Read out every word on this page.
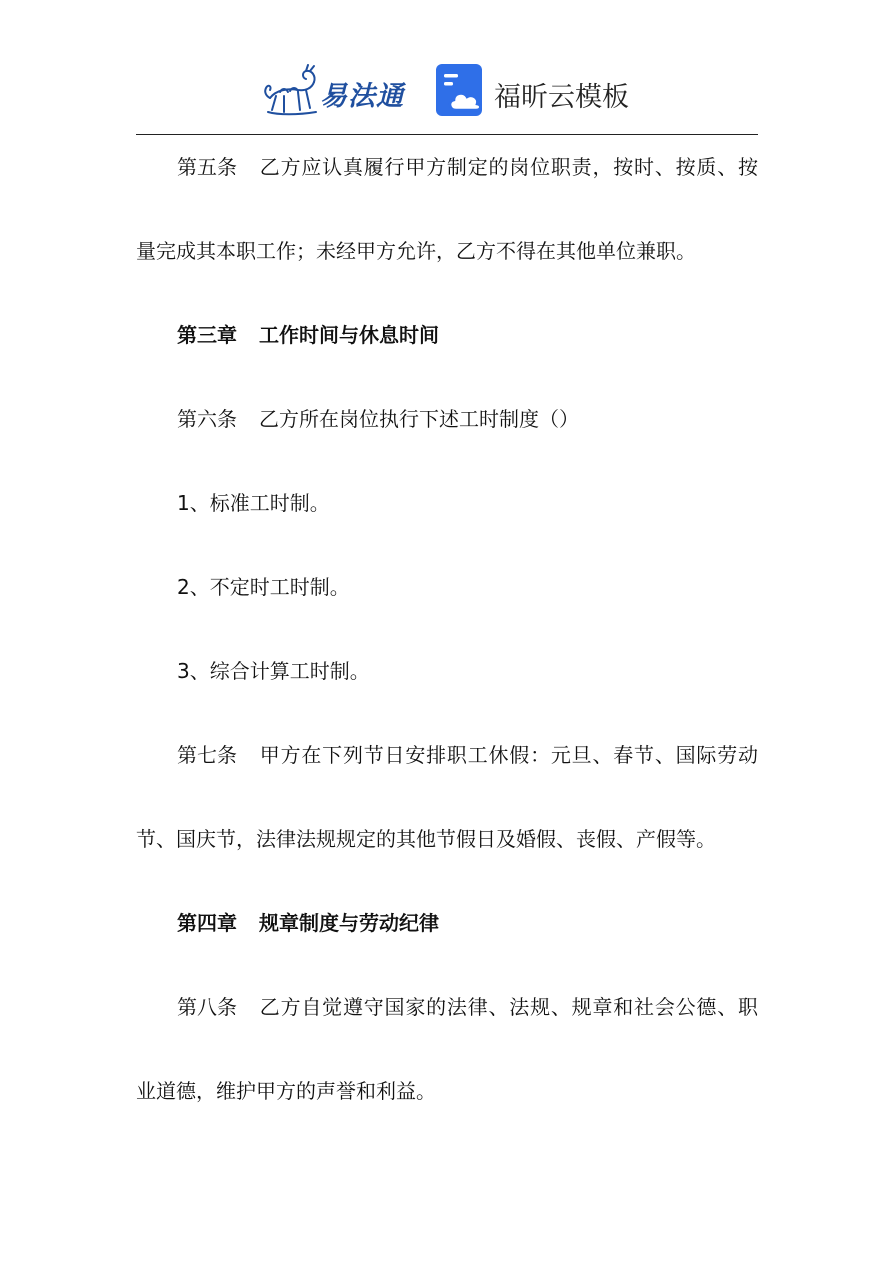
易法通	福昕云模板

第五条 乙方应认真履行甲方制定的岗位职责，按时、按质、按量完成其本职工作；未经甲方允许，乙方不得在其他单位兼职。

第三章 工作时间与休息时间

第六条 乙方所在岗位执行下述工时制度（）

1、标准工时制。

2、不定时工时制。

3、综合计算工时制。

第七条 甲方在下列节日安排职工休假：元旦、春节、国际劳动节、国庆节，法律法规规定的其他节假日及婚假、丧假、产假等。

第四章 规章制度与劳动纪律

第八条 乙方自觉遵守国家的法律、法规、规章和社会公德、职业道德，维护甲方的声誉和利益。
